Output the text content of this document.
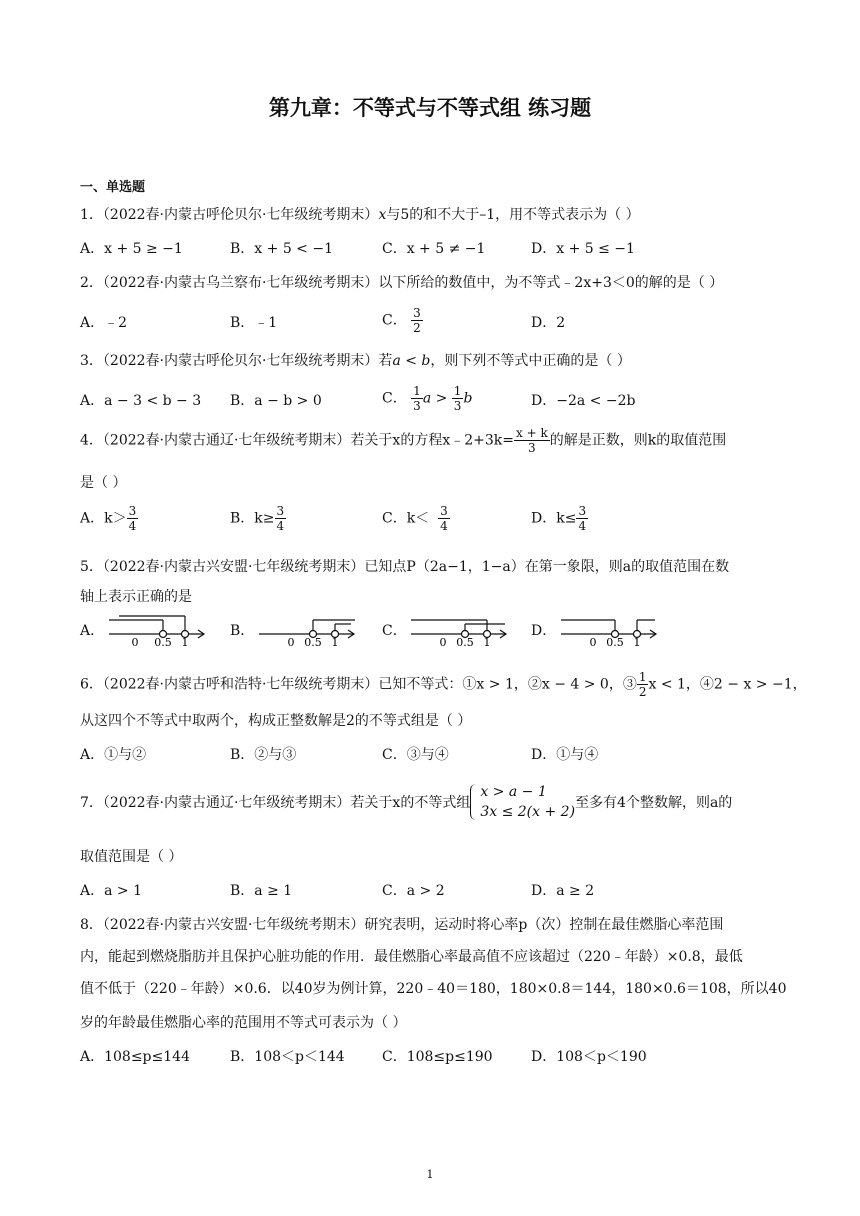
第九章：不等式与不等式组 练习题
一、单选题
1．（2022春·内蒙古呼伦贝尔·七年级统考期末）x与5的和不大于–1，用不等式表示为（ ）
A．x + 5 ≥ −1	B．x + 5 < −1	C．x + 5 ≠ −1	D．x + 5 ≤ −1
2．（2022春·内蒙古乌兰察布·七年级统考期末）以下所给的数值中，为不等式﹣2x+3＜0的解的是（ ）
A．﹣2	B．﹣1	C． $\frac{3}{2}$	D．2
3．（2022春·内蒙古呼伦贝尔·七年级统考期末）若a < b，则下列不等式中正确的是（ ）
A．a − 3 < b − 3 B．a − b > 0	C． $\frac{1}{3}$ $a > \frac{1}{3}$ b	D．−2a < −2b
4．（2022春·内蒙古通辽·七年级统考期末）若关于x的方程x﹣2+3k= $\frac{x + k}{3}$ 的解是正数，则k的取值范围
是（ ）
A．$k> \frac{3}{4}$	B．$k\ge \frac{3}{4}$	C．$k< \frac{3}{4}$	D．$k\le \frac{3}{4}$
5．（2022春·内蒙古兴安盟·七年级统考期末）已知点P（2a−1，1−a）在第一象限，则a的取值范围在数
轴上表示正确的是
A．
0 0.5 1
B．
0 0.5 1
C．
0 0.5 1
D．
0 0.5 1
6．（2022春·内蒙古呼和浩特·七年级统考期末）已知不等式：①x > 1，②x − 4 > 0，③ $\frac{1}{2}$ x < 1，④2 − x > −1，
从这四个不等式中取两个，构成正整数解是2的不等式组是（ ）
A．①与②	B．②与③	C．③与④	D．①与④
7．（2022春·内蒙古通辽·七年级统考期末）若关于x的不等式组
x > a − 1
3x ≤ 2(x + 2)
至多有4个整数解，则a的
取值范围是（ ）
A．a > 1	B．a ≥ 1	C．a > 2	D．a ≥ 2
8．（2022春·内蒙古兴安盟·七年级统考期末）研究表明，运动时将心率p（次）控制在最佳燃脂心率范围
内，能起到燃烧脂肪并且保护心脏功能的作用．最佳燃脂心率最高值不应该超过（220﹣年龄）×0.8，最低
值不低于（220﹣年龄）×0.6．以40岁为例计算，220﹣40＝180，180×0.8＝144，180×0.6＝108，所以40
岁的年龄最佳燃脂心率的范围用不等式可表示为（ ）
A．108≤p≤144	B．108＜p＜144	C．108≤p≤190	D．108＜p＜190
1
